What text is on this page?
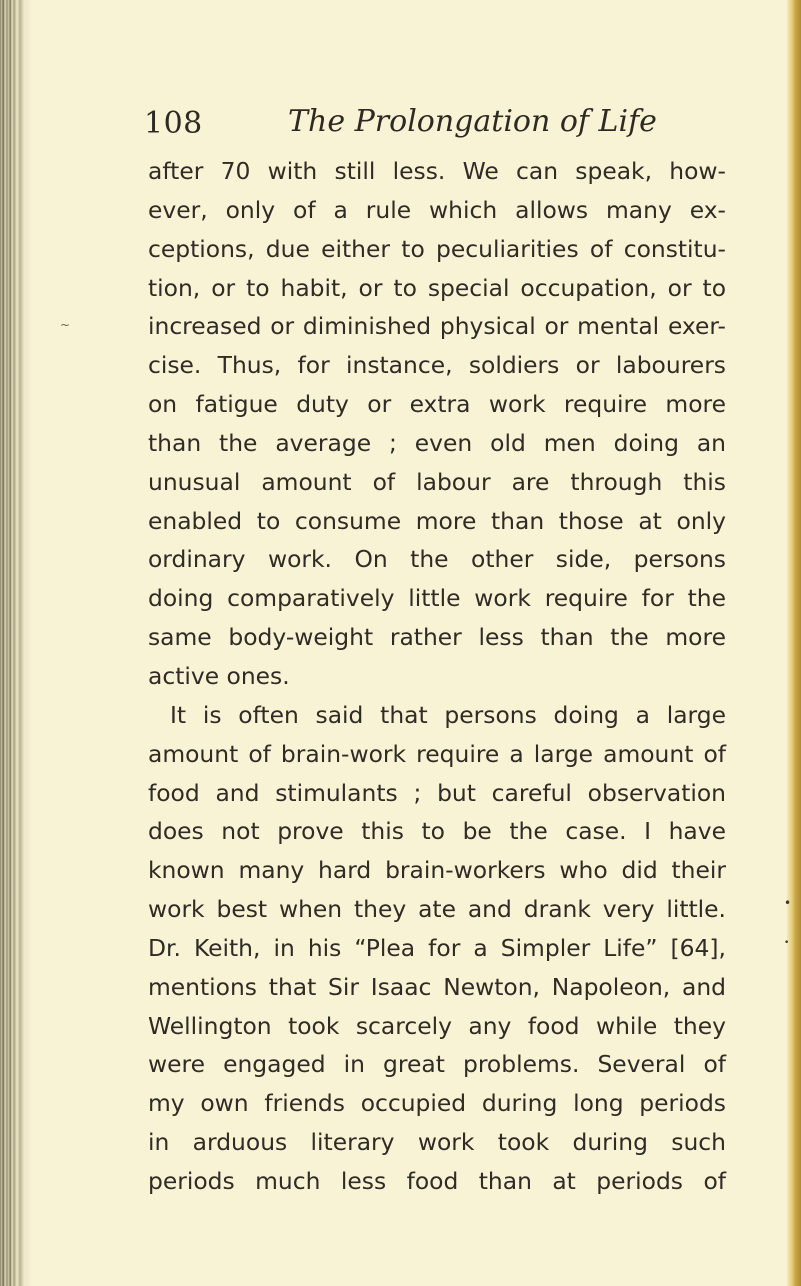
108	The Prolongation of Life
after 70 with still less. We can speak, how-
ever, only of a rule which allows many ex-
ceptions, due either to peculiarities of constitu-
tion, or to habit, or to special occupation, or to
increased or diminished physical or mental exer-
cise. Thus, for instance, soldiers or labourers
on fatigue duty or extra work require more
than the average ; even old men doing an
unusual amount of labour are through this
enabled to consume more than those at only
ordinary work. On the other side, persons
doing comparatively little work require for the
same body-weight rather less than the more
active ones.
It is often said that persons doing a large
amount of brain-work require a large amount of
food and stimulants ; but careful observation
does not prove this to be the case. I have
known many hard brain-workers who did their
work best when they ate and drank very little.
Dr. Keith, in his “Plea for a Simpler Life” [64],
mentions that Sir Isaac Newton, Napoleon, and
Wellington took scarcely any food while they
were engaged in great problems. Several of
my own friends occupied during long periods
in arduous literary work took during such
periods much less food than at periods of
•
•
~
